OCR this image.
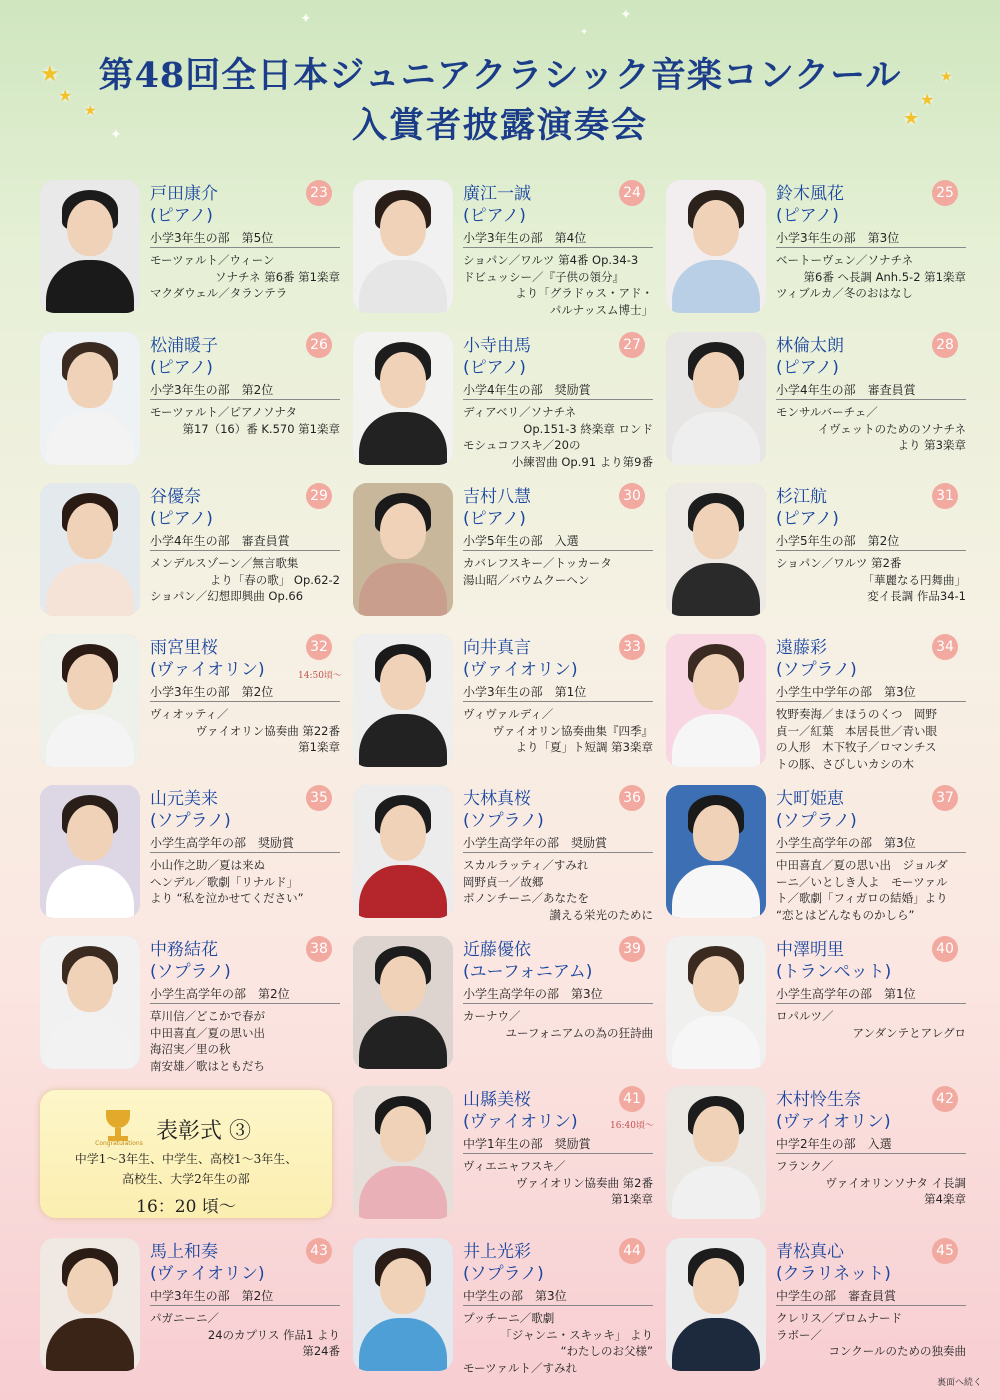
第48回全日本ジュニアクラシック音楽コンクール
入賞者披露演奏会
★
★
★
★
★
★
✦	✦
✦
✦
戸田康介
(ピアノ)
23
小学3年生の部　第5位
モーツァルト／ウィーン
ソナチネ 第6番 第1楽章
マクダウェル／タランテラ
廣江一誠
(ピアノ)
24
小学3年生の部　第4位
ショパン／ワルツ 第4番 Op.34-3
ドビュッシー／『子供の領分』
より「グラドゥス・アド・
パルナッスム博士」
鈴木風花
(ピアノ)
25
小学3年生の部　第3位
ベートーヴェン／ソナチネ
第6番 ヘ長調 Anh.5-2 第1楽章
ツィブルカ／冬のおはなし
松浦暖子
(ピアノ)
26
小学3年生の部　第2位
モーツァルト／ピアノソナタ
第17（16）番 K.570 第1楽章
小寺由馬
(ピアノ)
27
小学4年生の部　奨励賞
ディアベリ／ソナチネ
Op.151-3 終楽章 ロンド
モシュコフスキ／20の
小練習曲 Op.91 より第9番
林倫太朗
(ピアノ)
28
小学4年生の部　審査員賞
モンサルバーチェ／
イヴェットのためのソナチネ
より 第3楽章
谷優奈
(ピアノ)
29
小学4年生の部　審査員賞
メンデルスゾーン／無言歌集
より「春の歌」 Op.62-2
ショパン／幻想即興曲 Op.66
吉村八慧
(ピアノ)
30
小学5年生の部　入選
カバレフスキー／トッカータ
湯山昭／バウムクーヘン
杉江航
(ピアノ)
31
小学5年生の部　第2位
ショパン／ワルツ 第2番
「華麗なる円舞曲」
変イ長調 作品34-1
雨宮里桜
(ヴァイオリン)
32
小学3年生の部　第2位
ヴィオッティ／
ヴァイオリン協奏曲 第22番
第1楽章
向井真言
(ヴァイオリン)
33
小学3年生の部　第1位
ヴィヴァルディ／
ヴァイオリン協奏曲集『四季』
より「夏」ト短調 第3楽章
遠藤彩
(ソプラノ)
34
小学生中学年の部　第3位
牧野奏海／まほうのくつ　岡野
貞一／紅葉　本居長世／青い眼
の人形　木下牧子／ロマンチス
トの豚、さびしいカシの木
山元美来
(ソプラノ)
35
小学生高学年の部　奨励賞
小山作之助／夏は来ぬ
ヘンデル／歌劇「リナルド」
より “私を泣かせてください”
大林真桜
(ソプラノ)
36
小学生高学年の部　奨励賞
スカルラッティ／すみれ
岡野貞一／故郷
ボノンチーニ／あなたを
讃える栄光のために
大町姫恵
(ソプラノ)
37
小学生高学年の部　第3位
中田喜直／夏の思い出　ジョルダ
ーニ／いとしき人よ　モーツァル
ト／歌劇「フィガロの結婚」より
“恋とはどんなものかしら”
中務結花
(ソプラノ)
38
小学生高学年の部　第2位
草川信／どこかで春が
中田喜直／夏の思い出
海沼実／里の秋
南安雄／歌はともだち
近藤優依
(ユーフォニアム)
39
小学生高学年の部　第3位
カーナウ／
ユーフォニアムの為の狂詩曲
中澤明里
(トランペット)
40
小学生高学年の部　第1位
ロパルツ／
アンダンテとアレグロ
山縣美桜
(ヴァイオリン)
41
中学1年生の部　奨励賞
ヴィエニャフスキ／
ヴァイオリン協奏曲 第2番
第1楽章
木村怜生奈
(ヴァイオリン)
42
中学2年生の部　入選
フランク／
ヴァイオリンソナタ イ長調
第4楽章
馬上和奏
(ヴァイオリン)
43
中学3年生の部　第2位
パガニーニ／
24のカプリス 作品1 より
第24番
井上光彩
(ソプラノ)
44
中学生の部　第3位
プッチーニ／歌劇
「ジャンニ・スキッキ」 より
“わたしのお父様”
モーツァルト／すみれ
青松真心
(クラリネット)
45
中学生の部　審査員賞
クレリス／プロムナード
ラボー／
コンクールのための独奏曲
14:50頃〜
16:40頃〜
Congratulations 表彰式 ③
中学1〜3年生、中学生、高校1〜3年生、
高校生、大学2年生の部
16：20 頃〜
裏面へ続く
